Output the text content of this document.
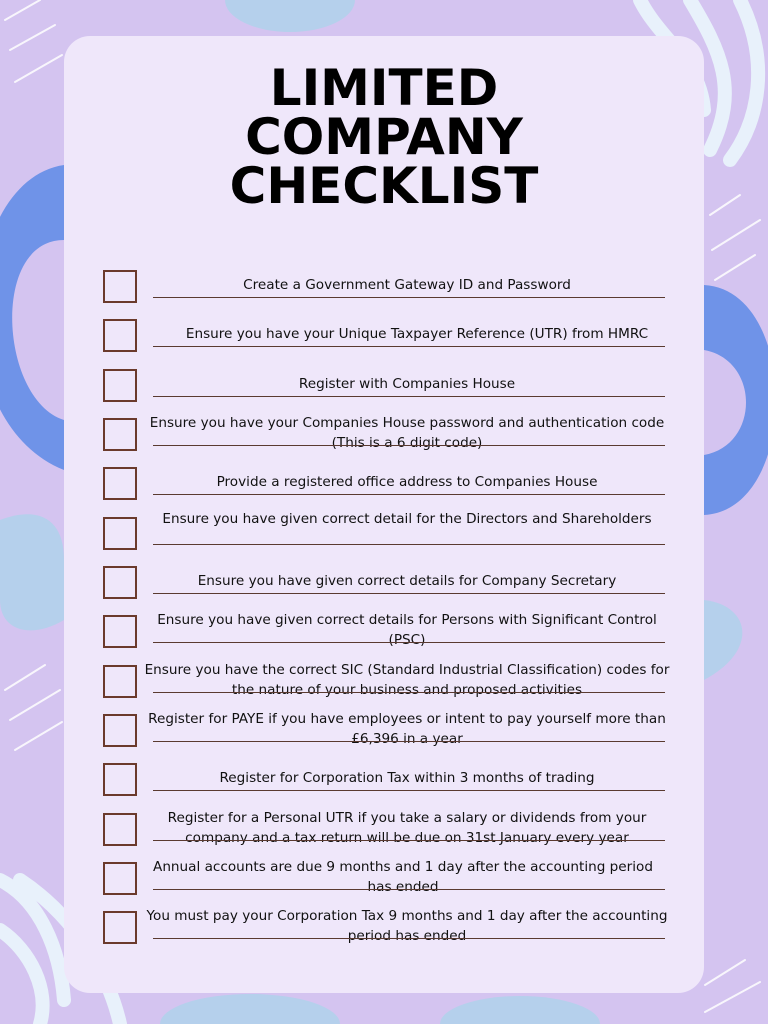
LIMITED
COMPANY
CHECKLIST
Create a Government Gateway ID and Password
Ensure you have your Unique Taxpayer Reference (UTR) from HMRC
Register with Companies House
Ensure you have your Companies House password and authentication code (This is a 6 digit code)
Provide a registered office address to Companies House
Ensure you have given correct detail for the Directors and Shareholders
Ensure you have given correct details for Company Secretary
Ensure you have given correct details for Persons with Significant Control (PSC)
Ensure you have the correct SIC (Standard Industrial Classification) codes for the nature of your business and proposed activities
Register for PAYE if you have employees or intent to pay yourself more than £6,396 in a year
Register for Corporation Tax within 3 months of trading
Register for a Personal UTR if you take a salary or dividends from your company and a tax return will be due on 31st January every year
Annual accounts are due 9 months and 1 day after the accounting period has ended
You must pay your Corporation Tax 9 months and 1 day after the accounting period has ended
